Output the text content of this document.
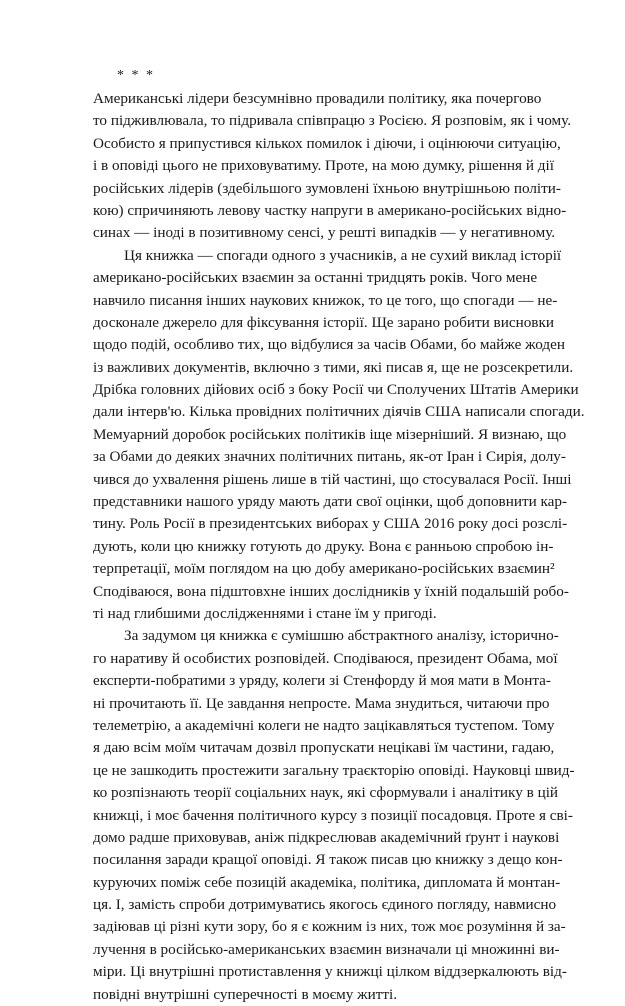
* * *
Американські лідери безсумнівно провадили політику, яка почергово
то підживлювала, то підривала співпрацю з Росією. Я розповім, як і чому.
Особисто я припустився кількох помилок і діючи, і оцінюючи ситуацію,
і в оповіді цього не приховуватиму. Проте, на мою думку, рішення й дії
російських лідерів (здебільшого зумовлені їхньою внутрішньою політи-
кою) спричиняють левову частку напруги в американо-російських відно-
синах — іноді в позитивному сенсі, у решті випадків — у негативному.
Ця книжка — спогади одного з учасників, а не сухий виклад історії
американо-російських взаємин за останні тридцять років. Чого мене
навчило писання інших наукових книжок, то це того, що спогади — не-
досконале джерело для фіксування історії. Ще зарано робити висновки
щодо подій, особливо тих, що відбулися за часів Обами, бо майже жоден
із важливих документів, включно з тими, які писав я, ще не розсекретили.
Дрібка головних дійових осіб з боку Росії чи Сполучених Штатів Америки
дали інтерв'ю. Кілька провідних політичних діячів США написали спогади.
Мемуарний доробок російських політиків іще мізерніший. Я визнаю, що
за Обами до деяких значних політичних питань, як-от Іран і Сирія, долу-
чився до ухвалення рішень лише в тій частині, що стосувалася Росії. Інші
представники нашого уряду мають дати свої оцінки, щоб доповнити кар-
тину. Роль Росії в президентських виборах у США 2016 року досі розслі-
дують, коли цю книжку готують до друку. Вона є ранньою спробою ін-
терпретації, моїм поглядом на цю добу американо-російських взаємин²
Сподіваюся, вона підштовхне інших дослідників у їхній подальшій робо-
ті над глибшими дослідженнями і стане їм у пригоді.
За задумом ця книжка є сумішшю абстрактного аналізу, історично-
го наративу й особистих розповідей. Сподіваюся, президент Обама, мої
експерти-побратими з уряду, колеги зі Стенфорду й моя мати в Монта-
ні прочитають її. Це завдання непросте. Мама знудиться, читаючи про
телеметрію, а академічні колеги не надто зацікавляться тустепом. Тому
я даю всім моїм читачам дозвіл пропускати нецікаві їм частини, гадаю,
це не зашкодить простежити загальну траєкторію оповіді. Науковці швид-
ко розпізнають теорії соціальних наук, які сформували і аналітику в цій
книжці, і моє бачення політичного курсу з позиції посадовця. Проте я сві-
домо радше приховував, аніж підкреслював академічний ґрунт і наукові
посилання заради кращої оповіді. Я також писав цю книжку з дещо кон-
куруючих поміж себе позицій академіка, політика, дипломата й монтан-
ця. І, замість спроби дотримуватись якогось єдиного погляду, навмисно
задіював ці різні кути зору, бо я є кожним із них, тож моє розуміння й за-
лучення в російсько-американських взаємин визначали ці множинні ви-
міри. Ці внутрішні протиставлення у книжці цілком віддзеркалюють від-
повідні внутрішні суперечності в моєму житті.
